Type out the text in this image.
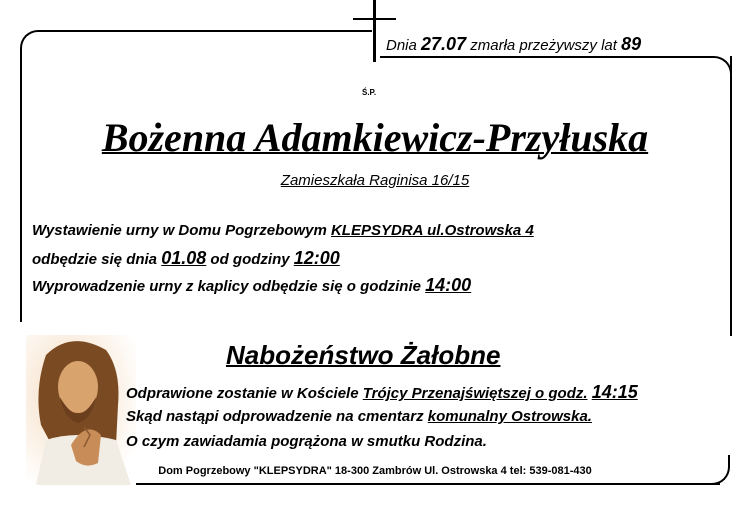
Dnia 27.07 zmarła przeżywszy lat 89
Ś.P.
Bożenna Adamkiewicz-Przyłuska
Zamieszkała Raginisa 16/15
Wystawienie urny w Domu Pogrzebowym KLEPSYDRA ul.Ostrowska 4
odbędzie się dnia 01.08 od godziny 12:00
Wyprowadzenie urny z kaplicy odbędzie się o godzinie 14:00
Nabożeństwo Żałobne
Odprawione zostanie w Kościele Trójcy Przenajświętszej o godz. 14:15
Skąd nastąpi odprowadzenie na cmentarz komunalny Ostrowska.
O czym zawiadamia pogrążona w smutku Rodzina.
Dom Pogrzebowy "KLEPSYDRA" 18-300 Zambrów Ul. Ostrowska 4 tel: 539-081-430
